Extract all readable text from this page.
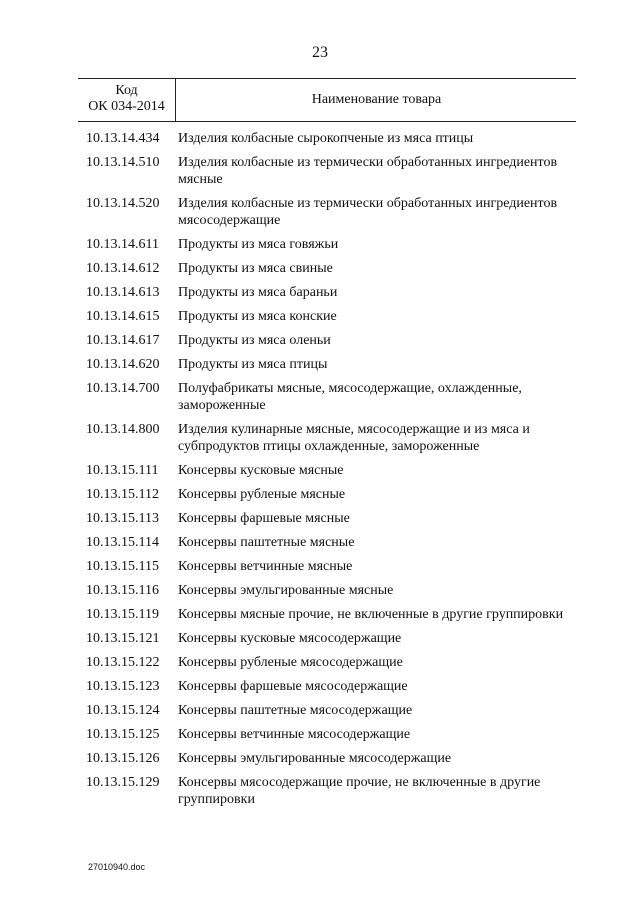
23
Код
ОК 034-2014	Наименование товара
10.13.14.434	Изделия колбасные сырокопченые из мяса птицы
10.13.14.510	Изделия колбасные из термически обработанных ингредиентов мясные
10.13.14.520	Изделия колбасные из термически обработанных ингредиентов мясосодержащие
10.13.14.611	Продукты из мяса говяжьи
10.13.14.612	Продукты из мяса свиные
10.13.14.613	Продукты из мяса бараньи
10.13.14.615	Продукты из мяса конские
10.13.14.617	Продукты из мяса оленьи
10.13.14.620	Продукты из мяса птицы
10.13.14.700	Полуфабрикаты мясные, мясосодержащие, охлажденные, замороженные
10.13.14.800	Изделия кулинарные мясные, мясосодержащие и из мяса и субпродуктов птицы охлажденные, замороженные
10.13.15.111	Консервы кусковые мясные
10.13.15.112	Консервы рубленые мясные
10.13.15.113	Консервы фаршевые мясные
10.13.15.114	Консервы паштетные мясные
10.13.15.115	Консервы ветчинные мясные
10.13.15.116	Консервы эмульгированные мясные
10.13.15.119	Консервы мясные прочие, не включенные в другие группировки
10.13.15.121	Консервы кусковые мясосодержащие
10.13.15.122	Консервы рубленые мясосодержащие
10.13.15.123	Консервы фаршевые мясосодержащие
10.13.15.124	Консервы паштетные мясосодержащие
10.13.15.125	Консервы ветчинные мясосодержащие
10.13.15.126	Консервы эмульгированные мясосодержащие
10.13.15.129	Консервы мясосодержащие прочие, не включенные в другие группировки
27010940.doc
